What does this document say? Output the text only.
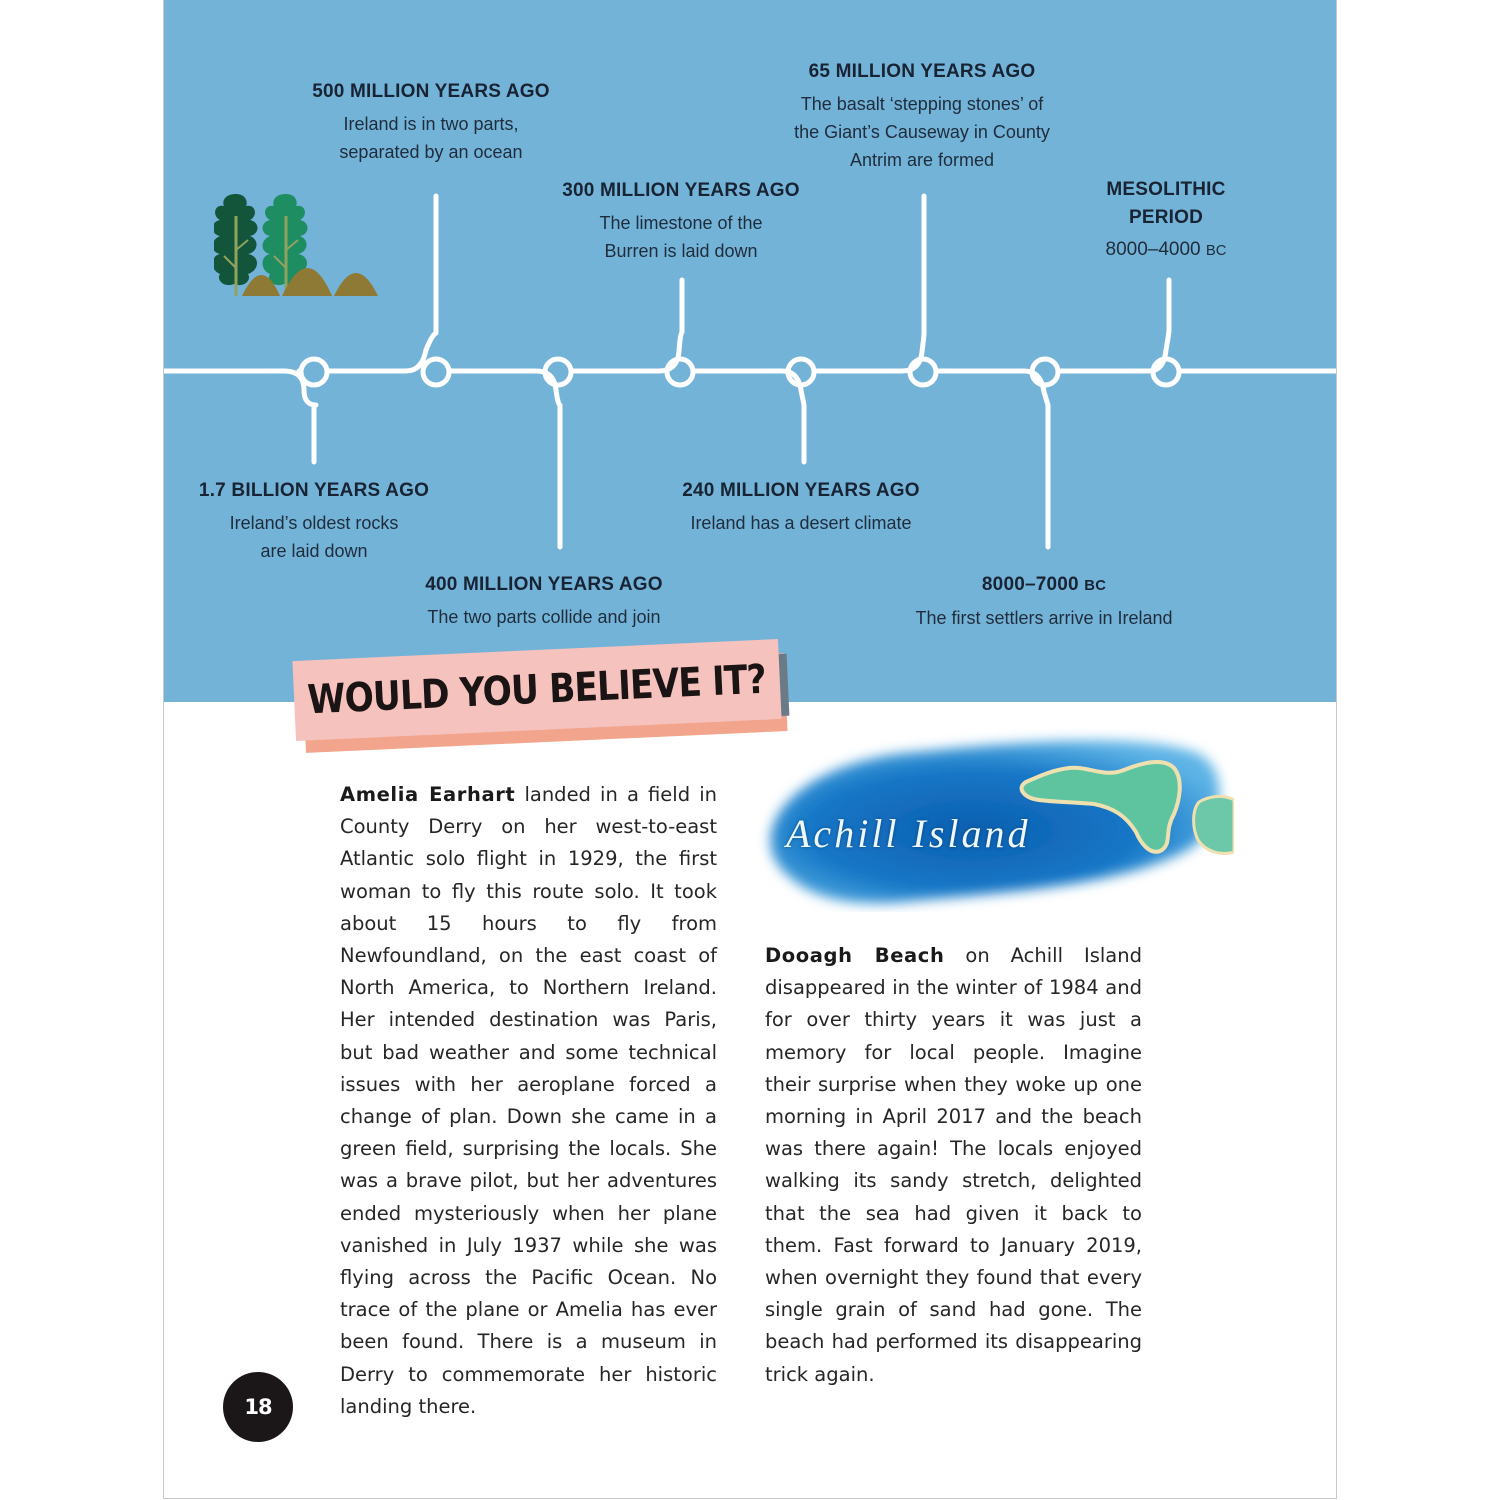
1.7 BILLION YEARS AGO
Ireland’s oldest rocks
are laid down
500 MILLION YEARS AGO
Ireland is in two parts,
separated by an ocean
400 MILLION YEARS AGO
The two parts collide and join
300 MILLION YEARS AGO
The limestone of the
Burren is laid down
240 MILLION YEARS AGO
Ireland has a desert climate
65 MILLION YEARS AGO
The basalt ‘stepping stones’ of
the Giant’s Causeway in County
Antrim are formed
8000–7000 BC
The first settlers arrive in Ireland
MESOLITHIC
PERIOD
8000–4000 BC
WOULD YOU BELIEVE IT?
Amelia Earhart landed in a field in County Derry on her west-to-east Atlantic solo flight in 1929, the first woman to fly this route solo. It took about 15 hours to fly from Newfoundland, on the east coast of North America, to Northern Ireland. Her intended destination was Paris, but bad weather and some technical issues with her aeroplane forced a change of plan. Down she came in a green field, surprising the locals. She was a brave pilot, but her adventures ended mysteriously when her plane vanished in July 1937 while she was flying across the Pacific Ocean. No trace of the plane or Amelia has ever been found. There is a museum in Derry to commemorate her historic landing there.
Achill Island
Dooagh Beach on Achill Island disappeared in the winter of 1984 and for over thirty years it was just a memory for local people. Imagine their surprise when they woke up one morning in April 2017 and the beach was there again! The locals enjoyed walking its sandy stretch, delighted that the sea had given it back to them. Fast forward to January 2019, when overnight they found that every single grain of sand had gone. The beach had performed its disappearing trick again.
18
